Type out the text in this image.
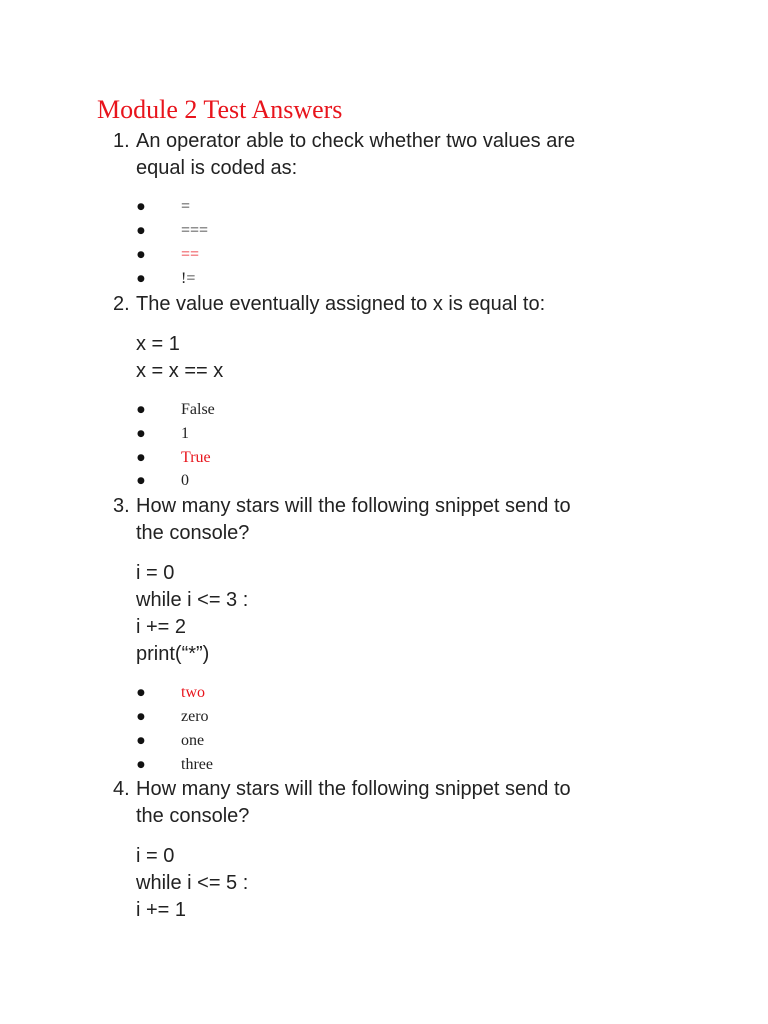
Module 2 Test Answers
1. An operator able to check whether two values are
equal is coded as:
● =
● ===
● ==
● !=
2. The value eventually assigned to x is equal to:
x = 1
x = x == x
● False
● 1
● True
● 0
3. How many stars will the following snippet send to
the console?
i = 0
while i <= 3 :
i += 2
print(“*”)
● two
● zero
● one
● three
4. How many stars will the following snippet send to
the console?
i = 0
while i <= 5 :
i += 1
